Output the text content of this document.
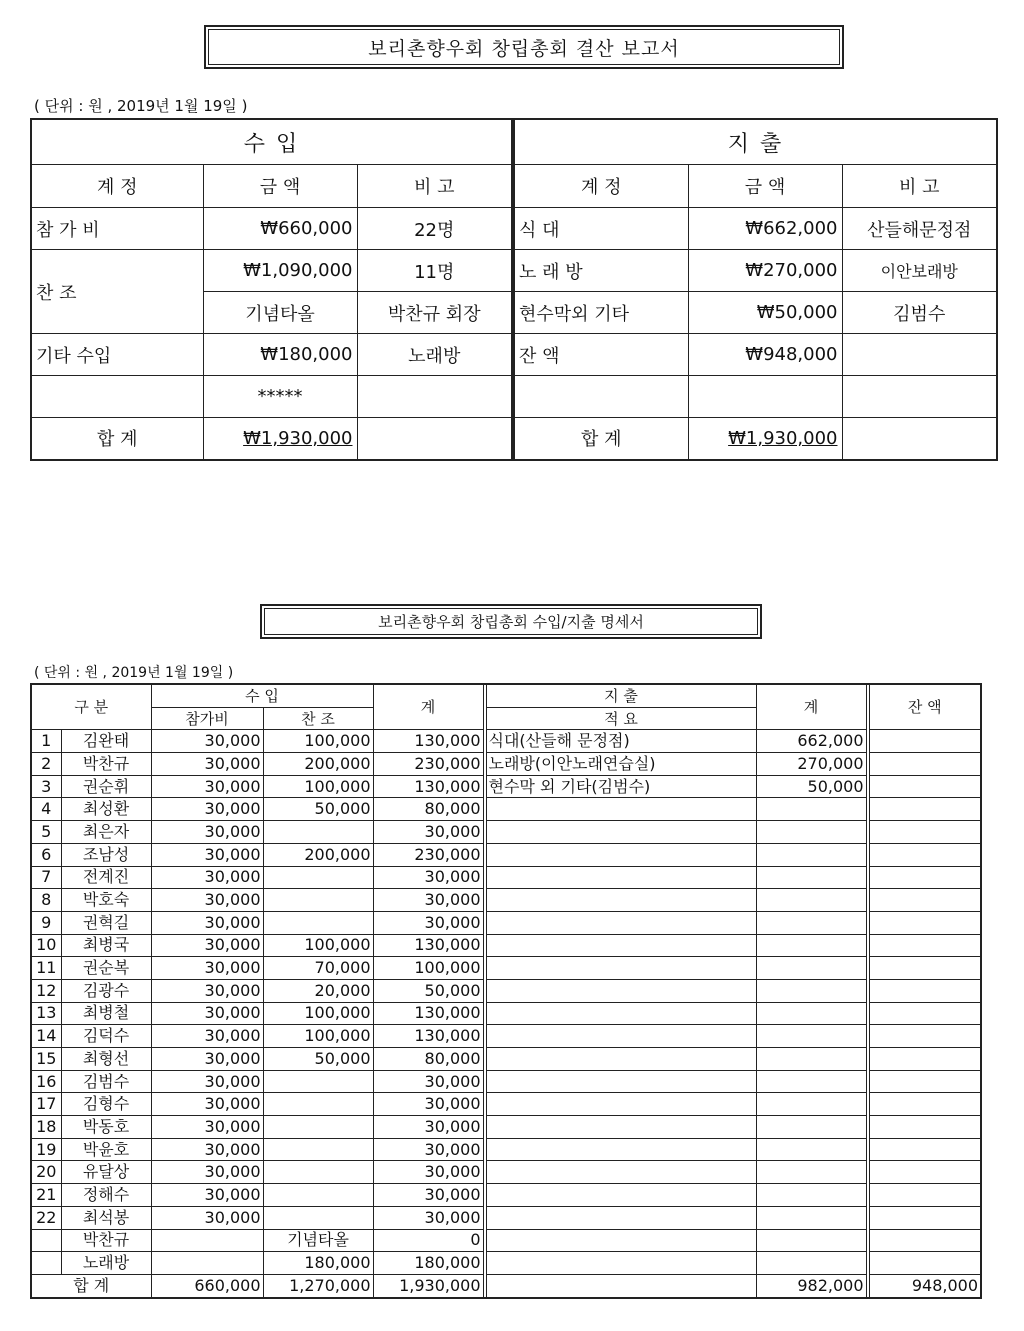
보리촌향우회 창립총회 결산 보고서
( 단위 : 원 , 2019년 1월 19일 )
수 입		
계 정	금 액	비 고
참 가 비	₩660,000	22명
찬 조	₩1,090,000	11명
	기념타올	박찬규 회장
기타 수입	₩180,000	노래방
	*****	
합 계	₩1,930,000	
지 출		
계 정	금 액	비 고
식 대	₩662,000	산들해문정점
노 래 방	₩270,000	이안보래방
현수막외 기타	₩50,000	김범수
잔 액	₩948,000	

합 계	₩1,930,000	
보리촌향우회 창립총회 수입/지출 명세서
( 단위 : 원 , 2019년 1월 19일 )
구 분		수 입		계		지 출	계		잔 액
		참가비	찬 조			적 요			
1	김완태	30,000	100,000	130,000		식대(산들해 문정점)	662,000		
2	박찬규	30,000	200,000	230,000		노래방(이안노래연습실)	270,000		
3	권순휘	30,000	100,000	130,000		현수막 외 기타(김범수)	50,000		
4	최성환	30,000	50,000	80,000					
5	최은자	30,000		30,000					
6	조남성	30,000	200,000	230,000					
7	전계진	30,000		30,000					
8	박호숙	30,000		30,000					
9	권혁길	30,000		30,000					
10	최병국	30,000	100,000	130,000					
11	권순복	30,000	70,000	100,000					
12	김광수	30,000	20,000	50,000					
13	최병철	30,000	100,000	130,000					
14	김덕수	30,000	100,000	130,000					
15	최형선	30,000	50,000	80,000					
16	김범수	30,000		30,000					
17	김형수	30,000		30,000					
18	박동호	30,000		30,000					
19	박윤호	30,000		30,000					
20	유달상	30,000		30,000					
21	정해수	30,000		30,000					
22	최석봉	30,000		30,000					
	박찬규		기념타올	0					
	노래방		180,000	180,000					
합 계		660,000	1,270,000	1,930,000			982,000		948,000
